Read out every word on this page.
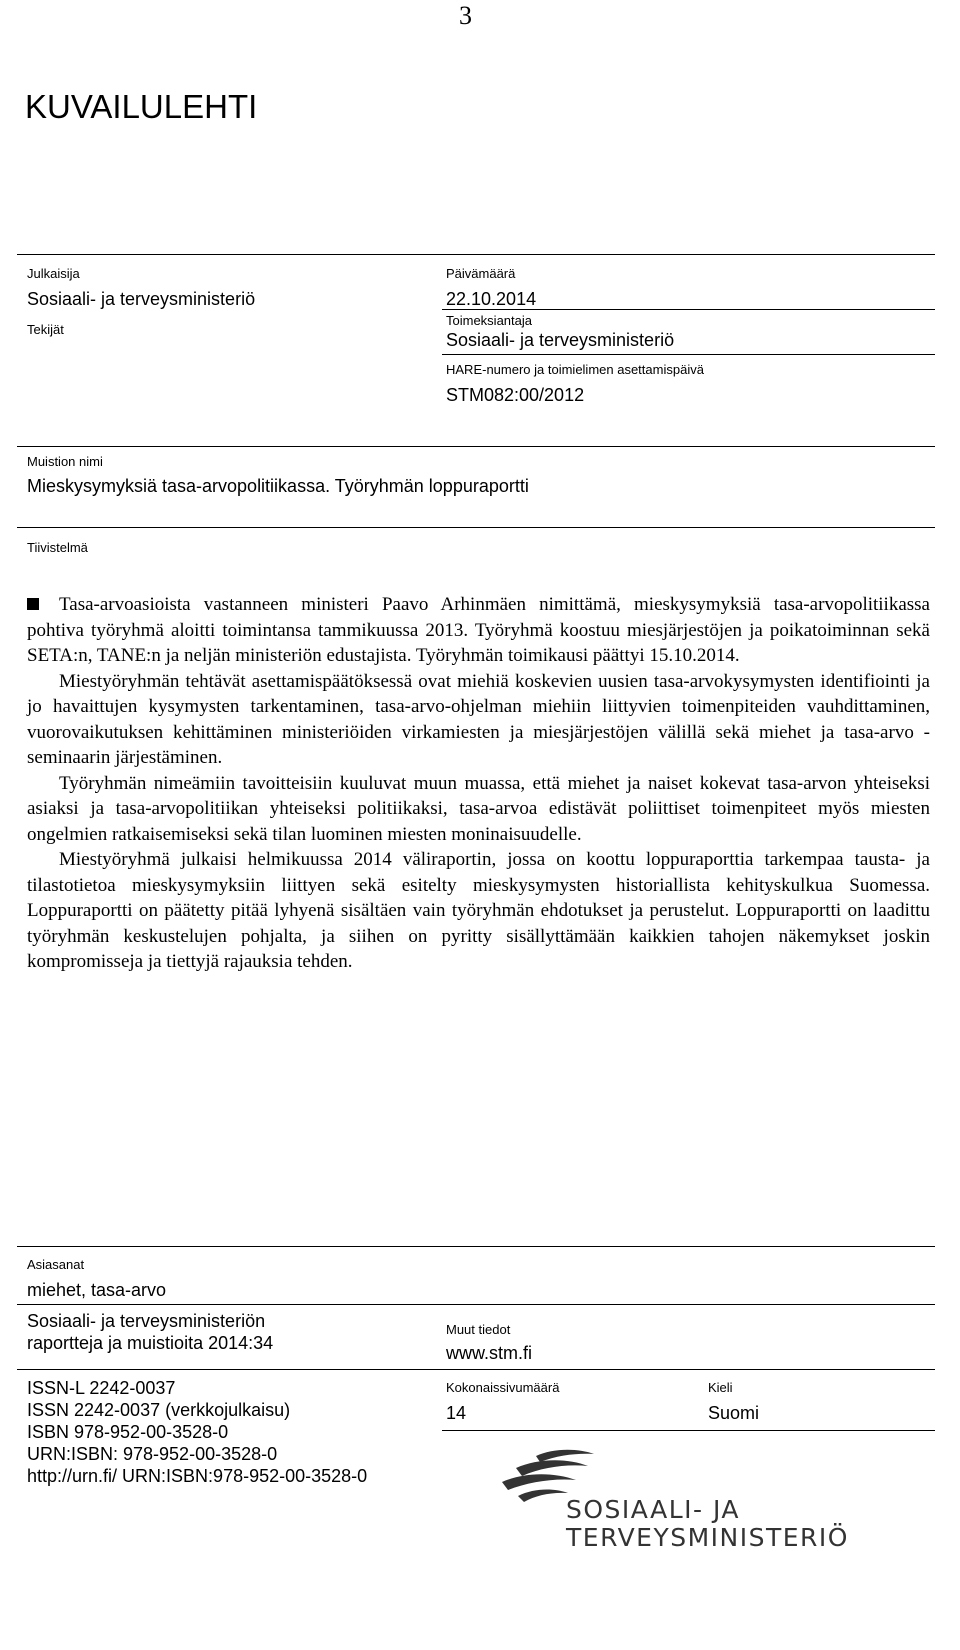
3
KUVAILULEHTI
Julkaisija
Sosiaali- ja terveysministeriö
Tekijät
Päivämäärä
22.10.2014
Toimeksiantaja
Sosiaali- ja terveysministeriö
HARE-numero ja toimielimen asettamispäivä
STM082:00/2012
Muistion nimi
Mieskysymyksiä tasa-arvopolitiikassa. Työryhmän loppuraportti
Tiivistelmä

Tasa-arvoasioista vastanneen ministeri Paavo Arhinmäen nimittämä, mieskysymyksiä tasa-arvopolitiikassa pohtiva työryhmä aloitti toimintansa tammikuussa 2013. Työryhmä koostuu miesjärjestöjen ja poikatoiminnan sekä SETA:n, TANE:n ja neljän ministeriön edustajista. Työryhmän toimikausi päättyi 15.10.2014.

Miestyöryhmän tehtävät asettamispäätöksessä ovat miehiä koskevien uusien tasa-arvokysymysten identifiointi ja jo havaittujen kysymysten tarkentaminen, tasa-arvo-ohjelman miehiin liittyvien toimenpiteiden vauhdittaminen, vuorovaikutuksen kehittäminen ministeriöiden virkamiesten ja miesjärjestöjen välillä sekä miehet ja tasa-arvo -seminaarin järjestäminen.

Työryhmän nimeämiin tavoitteisiin kuuluvat muun muassa, että miehet ja naiset kokevat tasa-arvon yhteiseksi asiaksi ja tasa-arvopolitiikan yhteiseksi politiikaksi, tasa-arvoa edistävät poliittiset toimenpiteet myös miesten ongelmien ratkaisemiseksi sekä tilan luominen miesten moninaisuudelle.

Miestyöryhmä julkaisi helmikuussa 2014 väliraportin, jossa on koottu loppuraporttia tarkempaa tausta- ja tilastotietoa mieskysymyksiin liittyen sekä esitelty mieskysymysten historiallista kehityskulkua Suomessa. Loppuraportti on päätetty pitää lyhyenä sisältäen vain työryhmän ehdotukset ja perustelut. Loppuraportti on laadittu työryhmän keskustelujen pohjalta, ja siihen on pyritty sisällyttämään kaikkien tahojen näkemykset joskin kompromisseja ja tiettyjä rajauksia tehden.

Asiasanat
miehet, tasa-arvo
Sosiaali- ja terveysministeriön
raportteja ja muistioita 2014:34
Muut tiedot
www.stm.fi
ISSN-L 2242-0037
ISSN 2242-0037 (verkkojulkaisu)
ISBN 978-952-00-3528-0
URN:ISBN: 978-952-00-3528-0
http://urn.fi/ URN:ISBN:978-952-00-3528-0
Kokonaissivumäärä
14
Kieli
Suomi
SOSIAALI- JA
TERVEYSMINISTERIÖ
